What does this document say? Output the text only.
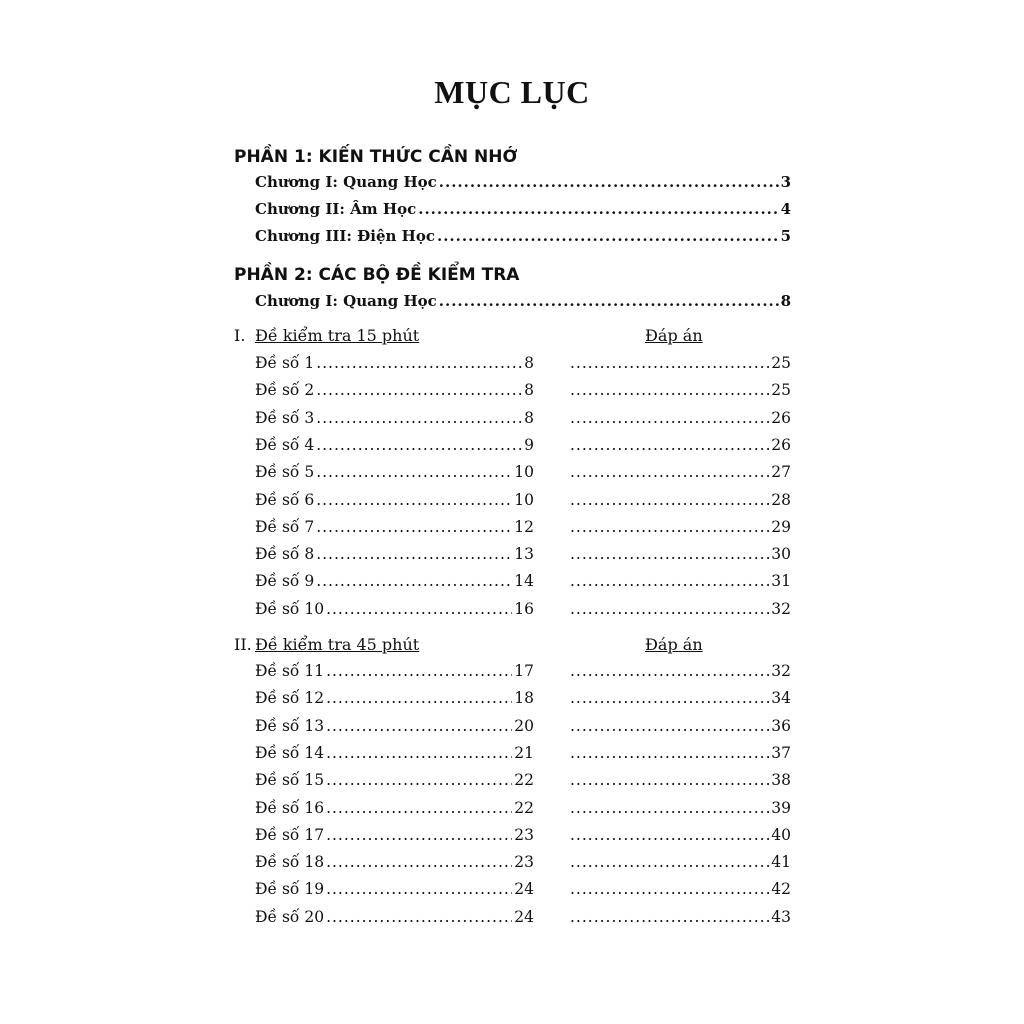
MỤC LỤC
PHẦN 1: KIẾN THỨC CẦN NHỚ
Chương I: Quang Học .....	3
Chương II: Âm Học .....	4
Chương III: Điện Học .....	5
PHẦN 2: CÁC BỘ ĐỀ KIỂM TRA
Chương I: Quang Học .....	8
I. Đề kiểm tra 15 phút	Đáp án
Đề số 1 .....	8 .....	25
Đề số 2 .....	8 .....	25
Đề số 3 .....	8 .....	26
Đề số 4 .....	9 .....	26
Đề số 5 .....	10 .....	27
Đề số 6 .....	10 .....	28
Đề số 7 .....	12 .....	29
Đề số 8 .....	13 .....	30
Đề số 9 .....	14 .....	31
Đề số 10 .....	16 .....	32
II. Đề kiểm tra 45 phút	Đáp án
Đề số 11 .....	17 .....	32
Đề số 12 .....	18 .....	34
Đề số 13 .....	20 .....	36
Đề số 14 .....	21 .....	37
Đề số 15 .....	22 .....	38
Đề số 16 .....	22 .....	39
Đề số 17 .....	23 .....	40
Đề số 18 .....	23 .....	41
Đề số 19 .....	24 .....	42
Đề số 20 .....	24 .....	43
